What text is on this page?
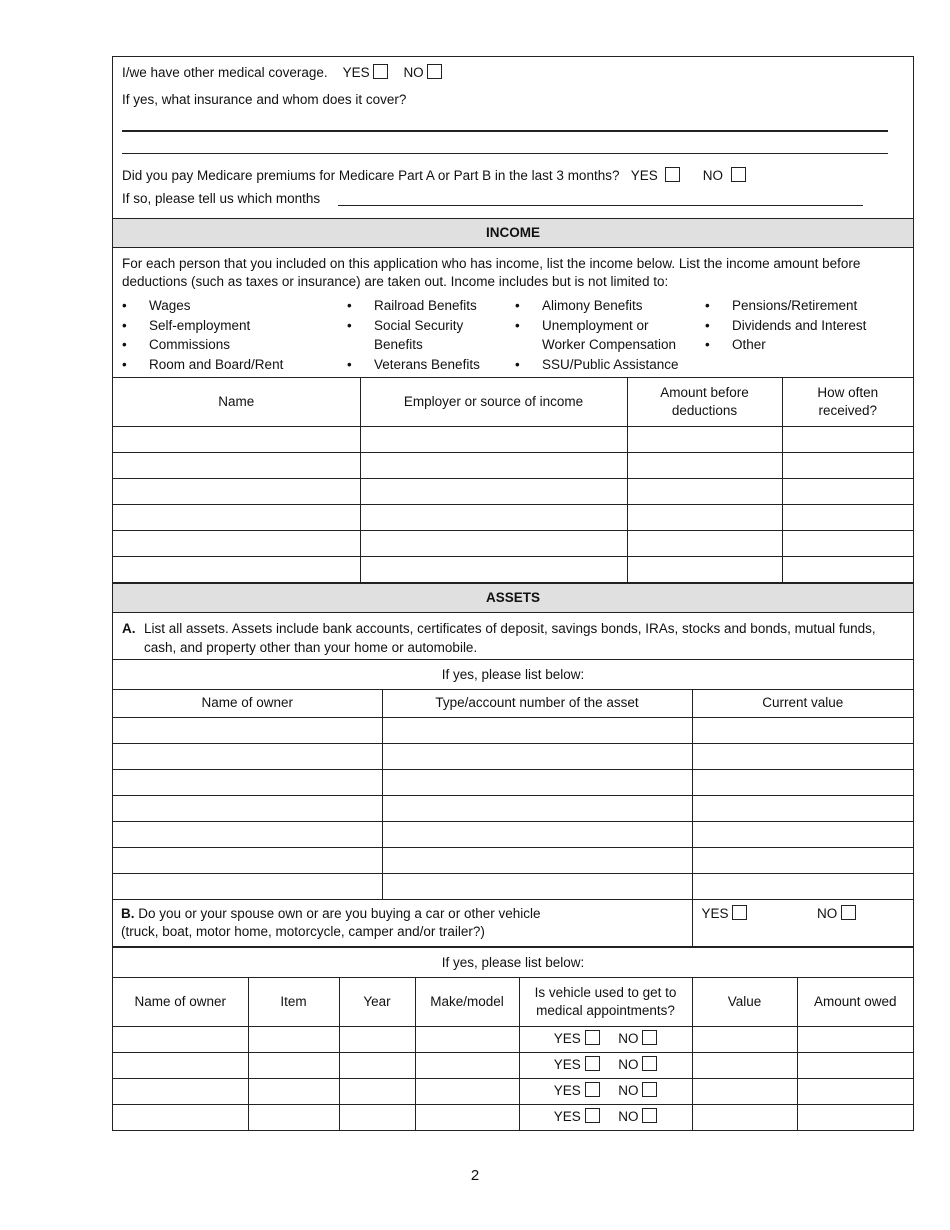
I/we have other medical coverage. YES	NO
If yes, what insurance and whom does it cover?
Did you pay Medicare premiums for Medicare Part A or Part B in the last 3 months? YES	NO
If so, please tell us which months
INCOME
For each person that you included on this application who has income, list the income below. List the income amount before deductions (such as taxes or insurance) are taken out. Income includes but is not limited to:
• Wages
• Self-employment
• Commissions
• Room and Board/Rent
• Railroad Benefits
• Social Security Benefits
• Veterans Benefits
• Alimony Benefits
• Unemployment or Worker Compensation
• SSU/Public Assistance
• Pensions/Retirement
• Dividends and Interest
• Other
Name	Employer or source of income	Amount before deductions	How often received?

ASSETS
A. List all assets. Assets include bank accounts, certificates of deposit, savings bonds, IRAs, stocks and bonds, mutual funds, cash, and property other than your home or automobile.
If yes, please list below:
Name of owner	Type/account number of the asset	Current value

B. Do you or your spouse own or are you buying a car or other vehicle
(truck, boat, motor home, motorcycle, camper and/or trailer?)		YES NO
If yes, please list below:
Name of owner	Item	Year	Make/model	Is vehicle used to get to medical appointments?	Value	Amount owed
				YES NO		
				YES NO		
				YES NO		
				YES NO		
2
